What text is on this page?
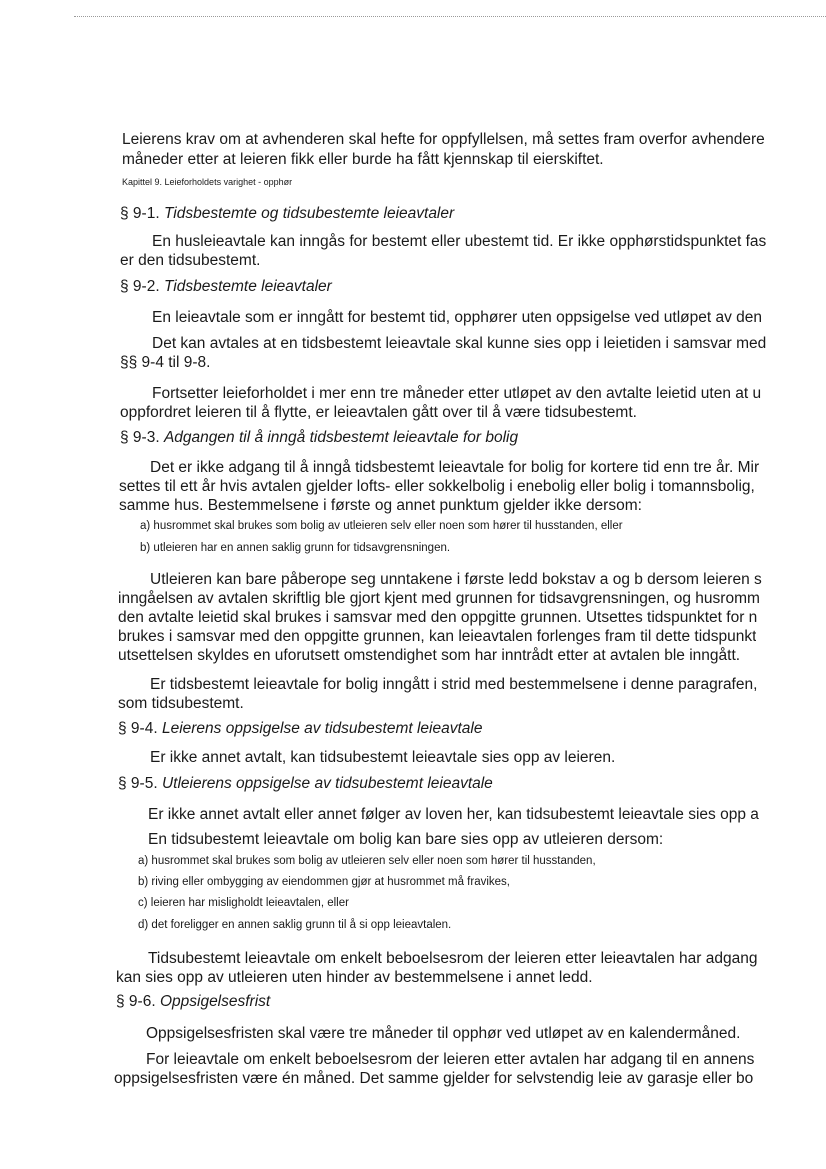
Leierens krav om at avhenderen skal hefte for oppfyllelsen, må settes fram overfor avhendere
måneder etter at leieren fikk eller burde ha fått kjennskap til eierskiftet.
Kapittel 9. Leieforholdets varighet - opphør
§ 9-1. Tidsbestemte og tidsubestemte leieavtaler
En husleieavtale kan inngås for bestemt eller ubestemt tid. Er ikke opphørstidspunktet fas
er den tidsubestemt.
§ 9-2. Tidsbestemte leieavtaler
En leieavtale som er inngått for bestemt tid, opphører uten oppsigelse ved utløpet av den
Det kan avtales at en tidsbestemt leieavtale skal kunne sies opp i leietiden i samsvar med
§§ 9-4 til 9-8.
Fortsetter leieforholdet i mer enn tre måneder etter utløpet av den avtalte leietid uten at u
oppfordret leieren til å flytte, er leieavtalen gått over til å være tidsubestemt.
§ 9-3. Adgangen til å inngå tidsbestemt leieavtale for bolig
Det er ikke adgang til å inngå tidsbestemt leieavtale for bolig for kortere tid enn tre år. Mir
settes til ett år hvis avtalen gjelder lofts- eller sokkelbolig i enebolig eller bolig i tomannsbolig,
samme hus. Bestemmelsene i første og annet punktum gjelder ikke dersom:
a) husrommet skal brukes som bolig av utleieren selv eller noen som hører til husstanden, eller
b) utleieren har en annen saklig grunn for tidsavgrensningen.
Utleieren kan bare påberope seg unntakene i første ledd bokstav a og b dersom leieren s
inngåelsen av avtalen skriftlig ble gjort kjent med grunnen for tidsavgrensningen, og husromm
den avtalte leietid skal brukes i samsvar med den oppgitte grunnen. Utsettes tidspunktet for n
brukes i samsvar med den oppgitte grunnen, kan leieavtalen forlenges fram til dette tidspunkt
utsettelsen skyldes en uforutsett omstendighet som har inntrådt etter at avtalen ble inngått.
Er tidsbestemt leieavtale for bolig inngått i strid med bestemmelsene i denne paragrafen,
som tidsubestemt.
§ 9-4. Leierens oppsigelse av tidsubestemt leieavtale
Er ikke annet avtalt, kan tidsubestemt leieavtale sies opp av leieren.
§ 9-5. Utleierens oppsigelse av tidsubestemt leieavtale
Er ikke annet avtalt eller annet følger av loven her, kan tidsubestemt leieavtale sies opp a
En tidsubestemt leieavtale om bolig kan bare sies opp av utleieren dersom:
a) husrommet skal brukes som bolig av utleieren selv eller noen som hører til husstanden,
b) riving eller ombygging av eiendommen gjør at husrommet må fravikes,
c) leieren har misligholdt leieavtalen, eller
d) det foreligger en annen saklig grunn til å si opp leieavtalen.
Tidsubestemt leieavtale om enkelt beboelsesrom der leieren etter leieavtalen har adgang
kan sies opp av utleieren uten hinder av bestemmelsene i annet ledd.
§ 9-6. Oppsigelsesfrist
Oppsigelsesfristen skal være tre måneder til opphør ved utløpet av en kalendermåned.
For leieavtale om enkelt beboelsesrom der leieren etter avtalen har adgang til en annens
oppsigelsesfristen være én måned. Det samme gjelder for selvstendig leie av garasje eller bo
